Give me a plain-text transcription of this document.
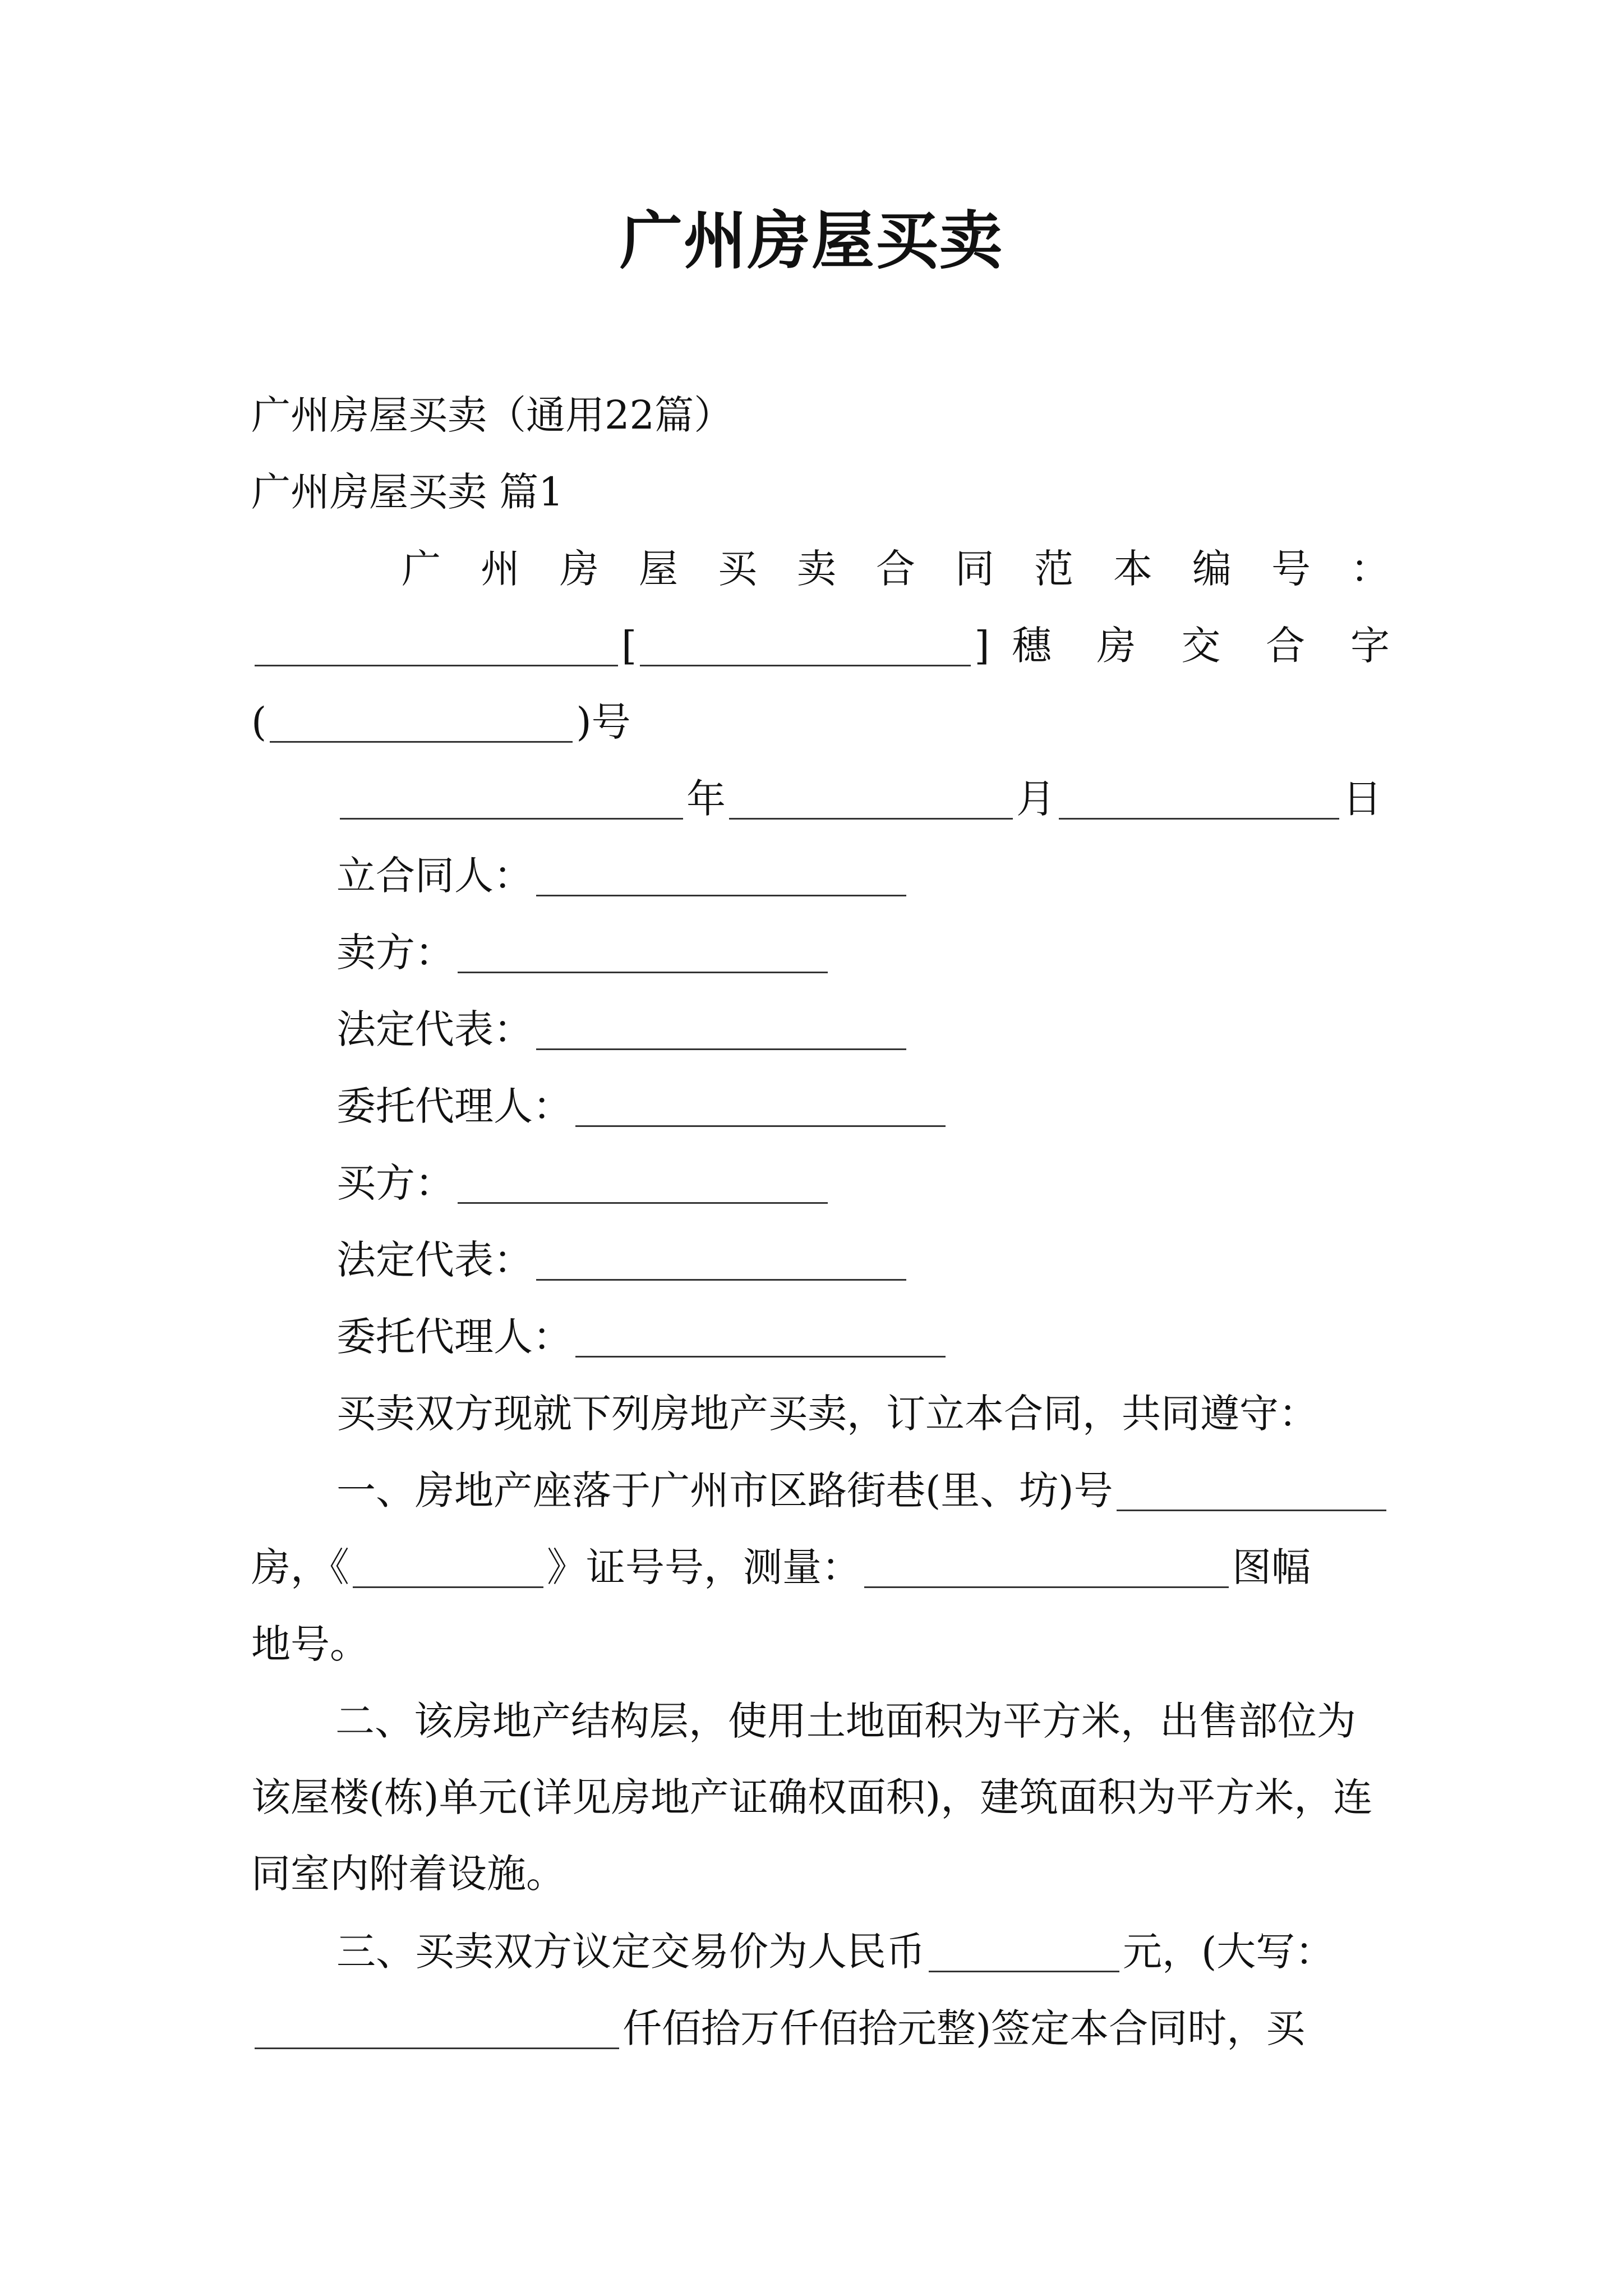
广州房屋买卖
广州房屋买卖（通用22篇）
广州房屋买卖 篇1
广 州 房 屋 买 卖 合 同 范 本 编 号 ：
[	] 穗 房 交 合 字
(	) 号
年	月	日
立合同人：
卖方：
法定代表：
委托代理人：
买方：
法定代表：
委托代理人：
买卖双方现就下列房地产买卖，订立本合同，共同遵守：
一、房地产座落于广州市区路街巷(里、坊)号
房，《	》证号号，测量：	图幅
地号。
二、该房地产结构层，使用土地面积为平方米，出售部位为该屋楼(栋)单元(详见房地产证确权面积)，建筑面积为平方米，连同室内附着设施。
三、买卖双方议定交易价为人民币	元，(大写：
仟佰拾万仟佰拾元整)签定本合同时，买
